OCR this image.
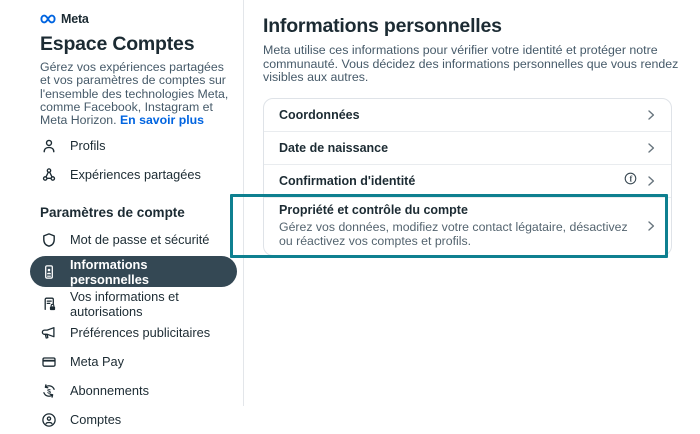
Meta
Espace Comptes
Gérez vos expériences partagées et vos paramètres de comptes sur l'ensemble des technologies Meta, comme Facebook, Instagram et Meta Horizon. En savoir plus
Profils
Expériences partagées
Paramètres de compte
Mot de passe et sécurité
Informations personnelles
Vos informations et autorisations
Préférences publicitaires
Meta Pay
$ Abonnements
Comptes
Informations personnelles
Meta utilise ces informations pour vérifier votre identité et protéger notre communauté. Vous décidez des informations personnelles que vous rendez visibles aux autres.
Coordonnées
Date de naissance
Confirmation d'identité	f
Propriété et contrôle du compte
Gérez vos données, modifiez votre contact légataire, désactivez ou réactivez vos comptes et profils.
